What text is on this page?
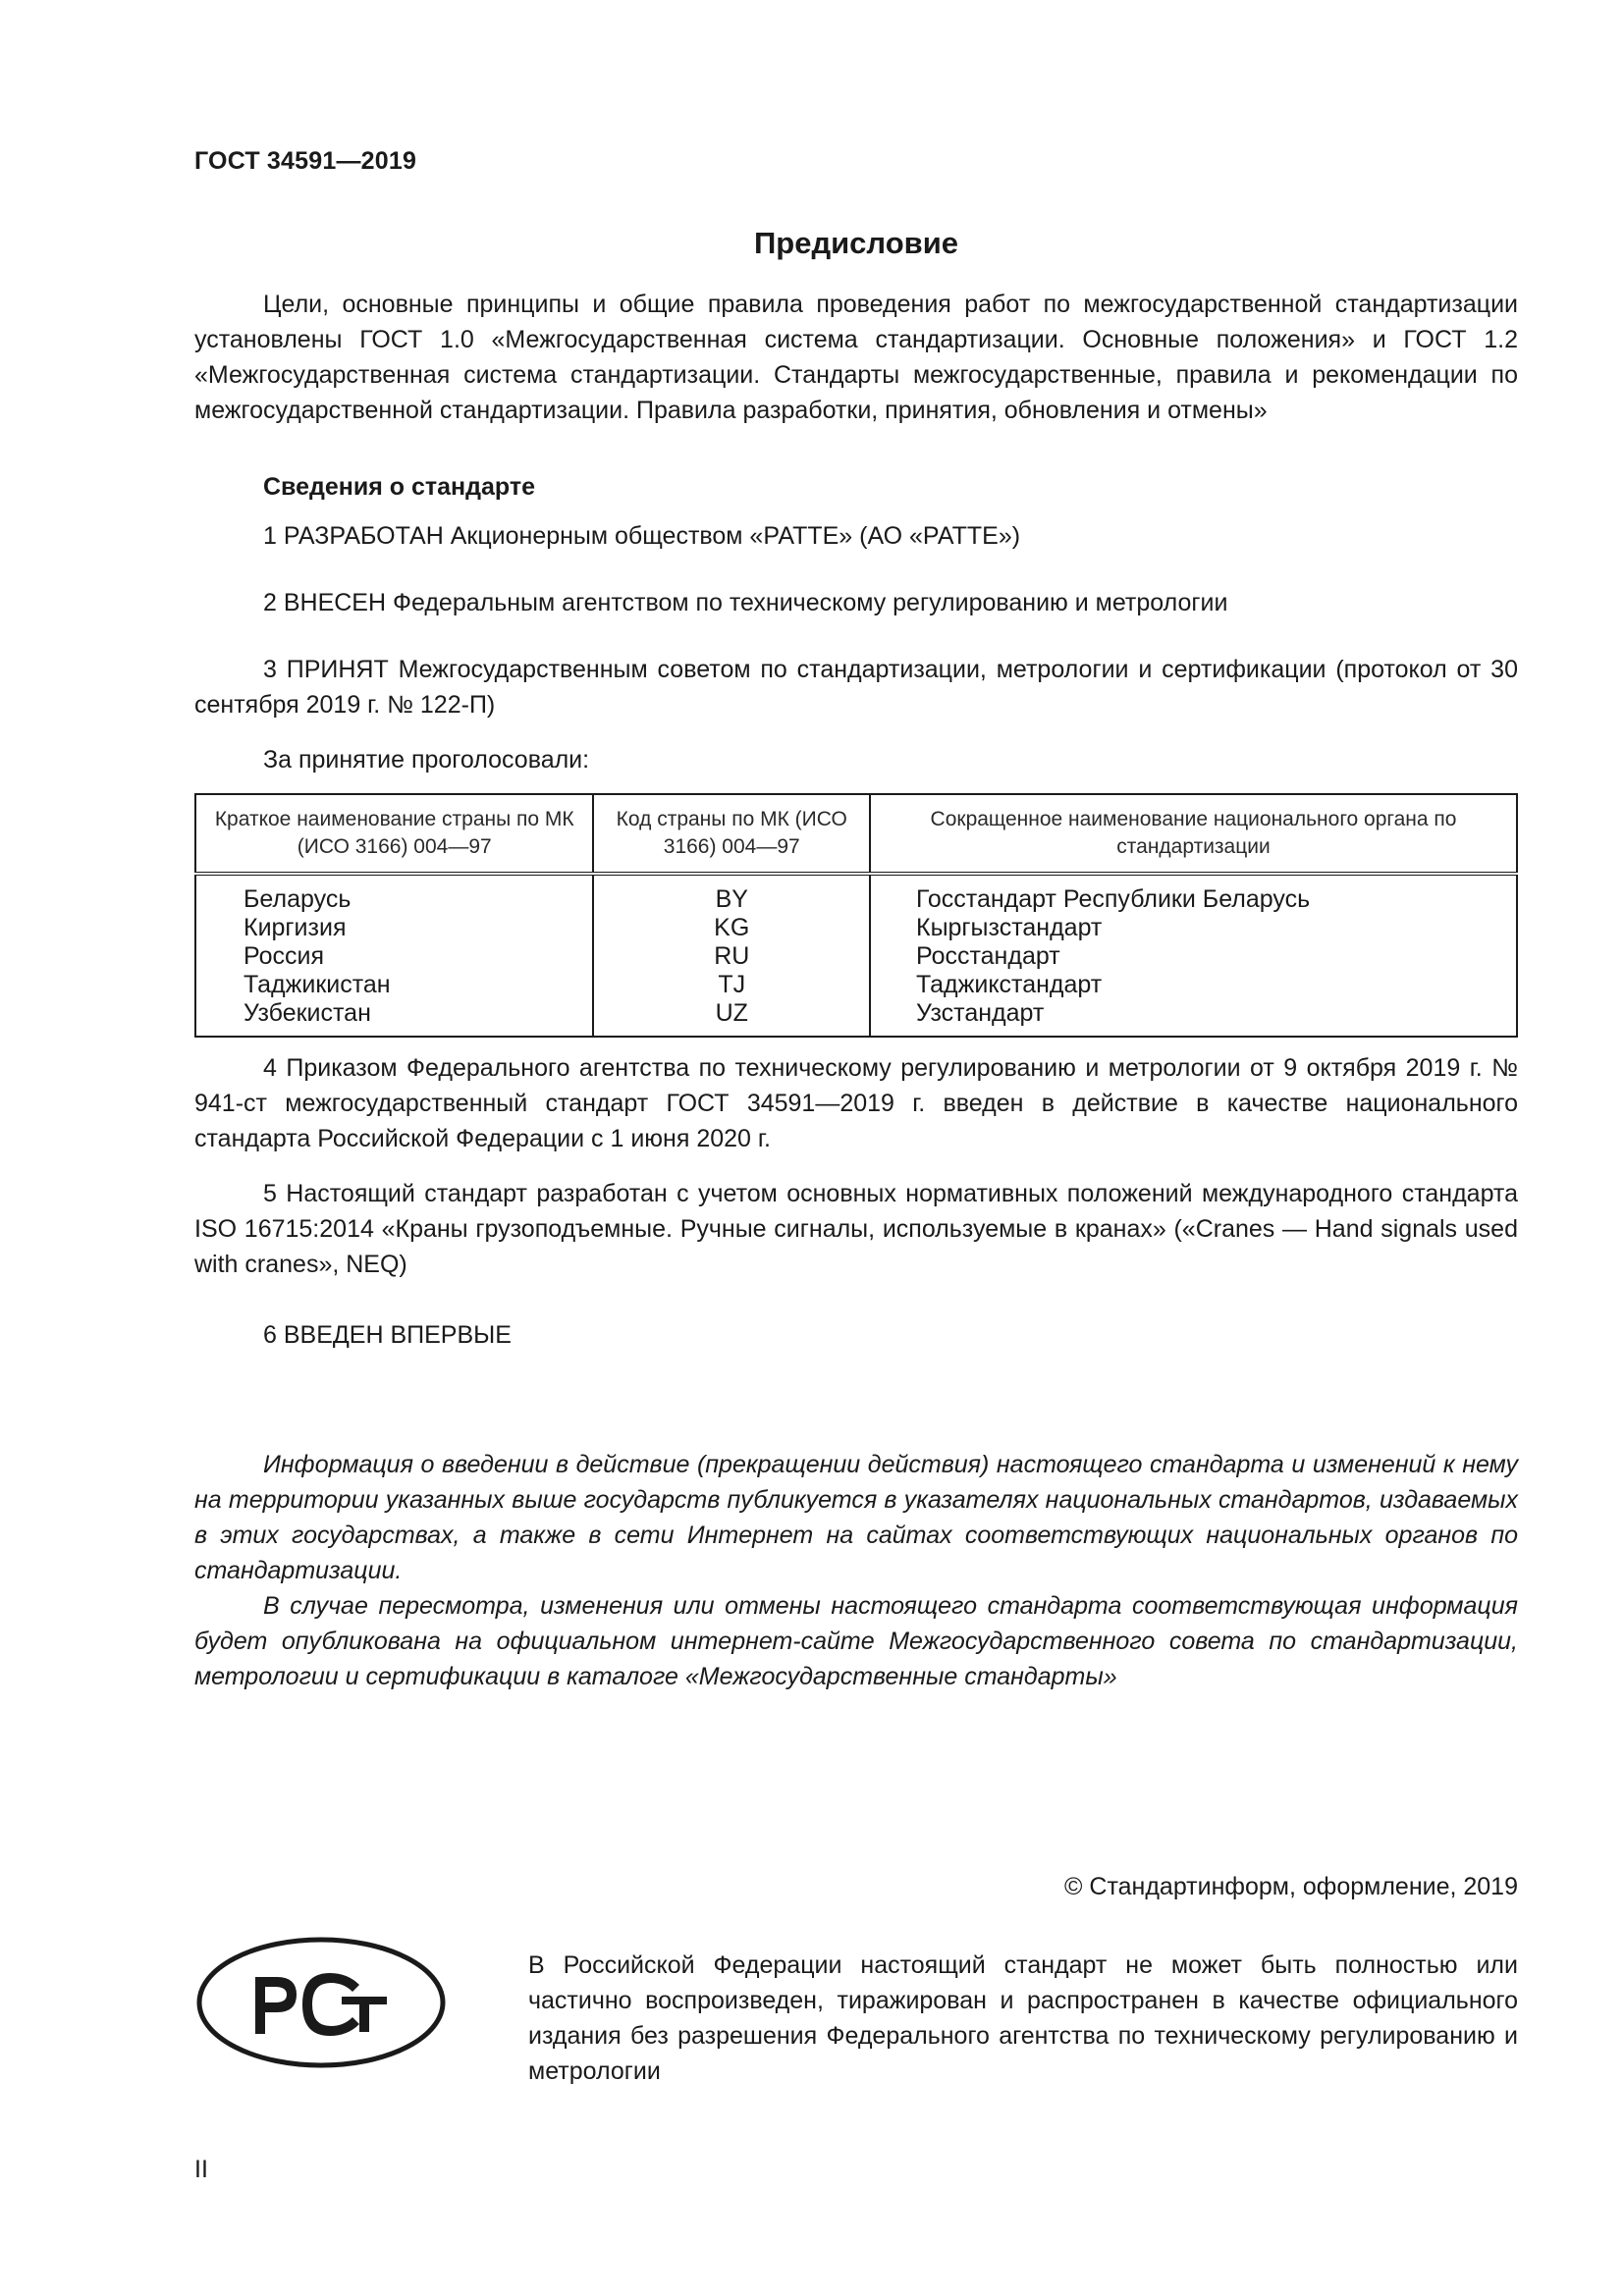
ГОСТ 34591—2019
Предисловие

Цели, основные принципы и общие правила проведения работ по межгосударственной стандартизации установлены ГОСТ 1.0 «Межгосударственная система стандартизации. Основные положения» и ГОСТ 1.2 «Межгосударственная система стандартизации. Стандарты межгосударственные, правила и рекомендации по межгосударственной стандартизации. Правила разработки, принятия, обновления и отмены»

Сведения о стандарте

1 РАЗРАБОТАН Акционерным обществом «РАТТЕ» (АО «РАТТЕ»)

2 ВНЕСЕН Федеральным агентством по техническому регулированию и метрологии

3 ПРИНЯТ Межгосударственным советом по стандартизации, метрологии и сертификации (протокол от 30 сентября 2019 г. № 122-П)

За принятие проголосовали:

Краткое наименование страны по МК (ИСО 3166) 004—97	Код страны по МК (ИСО 3166) 004—97	Сокращенное наименование национального органа по стандартизации
Беларусь	BY	Госстандарт Республики Беларусь
Киргизия	KG	Кыргызстандарт
Россия	RU	Росстандарт
Таджикистан	TJ	Таджикстандарт
Узбекистан	UZ	Узстандарт

4 Приказом Федерального агентства по техническому регулированию и метрологии от 9 октября 2019 г. № 941-ст межгосударственный стандарт ГОСТ 34591—2019 г. введен в действие в качестве национального стандарта Российской Федерации с 1 июня 2020 г.

5 Настоящий стандарт разработан с учетом основных нормативных положений международного стандарта ISO 16715:2014 «Краны грузоподъемные. Ручные сигналы, используемые в кранах» («Cranes — Hand signals used with cranes», NEQ)

6 ВВЕДЕН ВПЕРВЫЕ

Информация о введении в действие (прекращении действия) настоящего стандарта и изменений к нему на территории указанных выше государств публикуется в указателях национальных стандартов, издаваемых в этих государствах, а также в сети Интернет на сайтах соответствующих национальных органов по стандартизации.

В случае пересмотра, изменения или отмены настоящего стандарта соответствующая информация будет опубликована на официальном интернет-сайте Межгосударственного совета по стандартизации, метрологии и сертификации в каталоге «Межгосударственные стандарты»

© Стандартинформ, оформление, 2019

В Российской Федерации настоящий стандарт не может быть полностью или частично воспроизведен, тиражирован и распространен в качестве официального издания без разрешения Федерального агентства по техническому регулированию и метрологии

II
